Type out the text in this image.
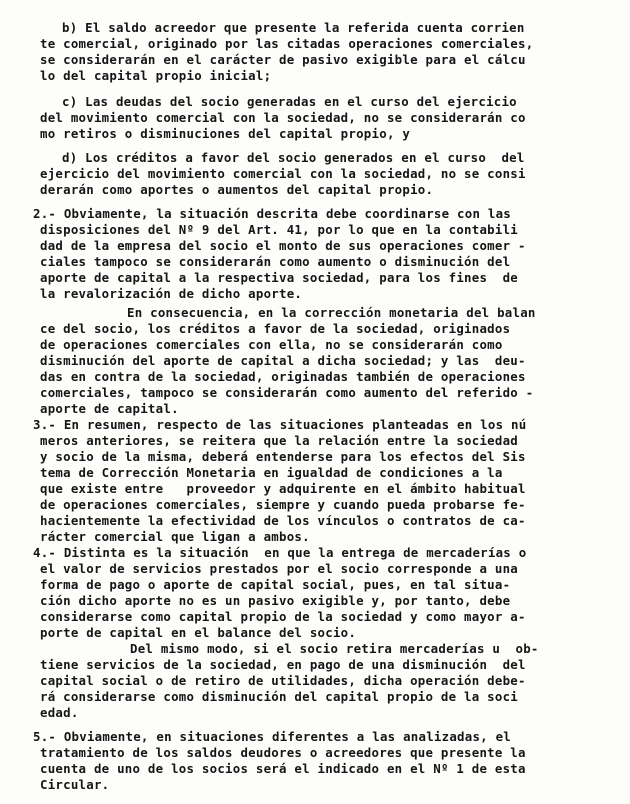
b) El saldo acreedor que presente la referida cuenta corrien
te comercial, originado por las citadas operaciones comerciales,
se considerarán en el carácter de pasivo exigible para el cálcu
lo del capital propio inicial;
c) Las deudas del socio generadas en el curso del ejercicio
del movimiento comercial con la sociedad, no se considerarán co
mo retiros o disminuciones del capital propio, y
d) Los créditos a favor del socio generados en el curso  del
ejercicio del movimiento comercial con la sociedad, no se consi
derarán como aportes o aumentos del capital propio.
2.- Obviamente, la situación descrita debe coordinarse con las
disposiciones del Nº 9 del Art. 41, por lo que en la contabili
dad de la empresa del socio el monto de sus operaciones comer -
ciales tampoco se considerarán como aumento o disminución del
aporte de capital a la respectiva sociedad, para los fines  de
la revalorización de dicho aporte.
En consecuencia, en la corrección monetaria del balan
ce del socio, los créditos a favor de la sociedad, originados
de operaciones comerciales con ella, no se considerarán como
disminución del aporte de capital a dicha sociedad; y las  deu-
das en contra de la sociedad, originadas también de operaciones
comerciales, tampoco se considerarán como aumento del referido -
aporte de capital.
3.- En resumen, respecto de las situaciones planteadas en los nú
meros anteriores, se reitera que la relación entre la sociedad
y socio de la misma, deberá entenderse para los efectos del Sis
tema de Corrección Monetaria en igualdad de condiciones a la
que existe entre   proveedor y adquirente en el ámbito habitual
de operaciones comerciales, siempre y cuando pueda probarse fe-
hacientemente la efectividad de los vínculos o contratos de ca-
rácter comercial que ligan a ambos.
4.- Distinta es la situación  en que la entrega de mercaderías o
el valor de servicios prestados por el socio corresponde a una
forma de pago o aporte de capital social, pues, en tal situa-
ción dicho aporte no es un pasivo exigible y, por tanto, debe
considerarse como capital propio de la sociedad y como mayor a-
porte de capital en el balance del socio.
Del mismo modo, si el socio retira mercaderías u  ob-
tiene servicios de la sociedad, en pago de una disminución  del
capital social o de retiro de utilidades, dicha operación debe-
rá considerarse como disminución del capital propio de la soci
edad.
5.- Obviamente, en situaciones diferentes a las analizadas, el
tratamiento de los saldos deudores o acreedores que presente la
cuenta de uno de los socios será el indicado en el Nº 1 de esta
Circular.
